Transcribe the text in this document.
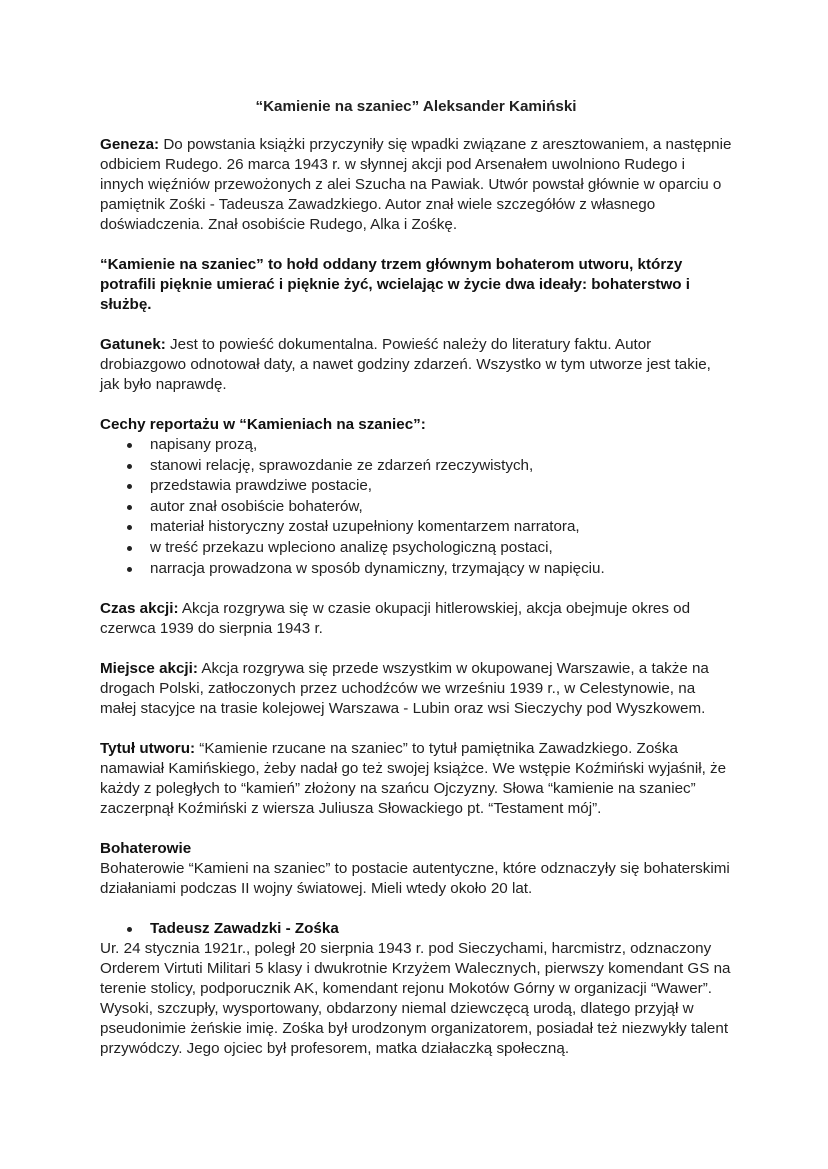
“Kamienie na szaniec” Aleksander Kamiński

Geneza: Do powstania książki przyczyniły się wpadki związane z aresztowaniem, a następnie odbiciem Rudego. 26 marca 1943 r. w słynnej akcji pod Arsenałem uwolniono Rudego i innych więźniów przewożonych z alei Szucha na Pawiak. Utwór powstał głównie w oparciu o pamiętnik Zośki - Tadeusza Zawadzkiego. Autor znał wiele szczegółów z własnego doświadczenia. Znał osobiście Rudego, Alka i Zośkę.

“Kamienie na szaniec” to hołd oddany trzem głównym bohaterom utworu, którzy potrafili pięknie umierać i pięknie żyć, wcielając w życie dwa ideały: bohaterstwo i służbę.

Gatunek: Jest to powieść dokumentalna. Powieść należy do literatury faktu. Autor drobiazgowo odnotował daty, a nawet godziny zdarzeń. Wszystko w tym utworze jest takie, jak było naprawdę.

Cechy reportażu w “Kamieniach na szaniec”:

napisany prozą,
stanowi relację, sprawozdanie ze zdarzeń rzeczywistych,
przedstawia prawdziwe postacie,
autor znał osobiście bohaterów,
materiał historyczny został uzupełniony komentarzem narratora,
w treść przekazu wpleciono analizę psychologiczną postaci,
narracja prowadzona w sposób dynamiczny, trzymający w napięciu.

Czas akcji: Akcja rozgrywa się w czasie okupacji hitlerowskiej, akcja obejmuje okres od czerwca 1939 do sierpnia 1943 r.

Miejsce akcji: Akcja rozgrywa się przede wszystkim w okupowanej Warszawie, a także na drogach Polski, zatłoczonych przez uchodźców we wrześniu 1939 r., w Celestynowie, na małej stacyjce na trasie kolejowej Warszawa - Lubin oraz wsi Sieczychy pod Wyszkowem.

Tytuł utworu: “Kamienie rzucane na szaniec” to tytuł pamiętnika Zawadzkiego. Zośka namawiał Kamińskiego, żeby nadał go też swojej książce. We wstępie Koźmiński wyjaśnił, że każdy z poległych to “kamień” złożony na szańcu Ojczyzny. Słowa “kamienie na szaniec” zaczerpnął Koźmiński z wiersza Juliusza Słowackiego pt. “Testament mój”.

Bohaterowie

Bohaterowie “Kamieni na szaniec” to postacie autentyczne, które odznaczyły się bohaterskimi działaniami podczas II wojny światowej. Mieli wtedy około 20 lat.

Tadeusz Zawadzki - Zośka

Ur. 24 stycznia 1921r., poległ 20 sierpnia 1943 r. pod Sieczychami, harcmistrz, odznaczony Orderem Virtuti Militari 5 klasy i dwukrotnie Krzyżem Walecznych, pierwszy komendant GS na terenie stolicy, podporucznik AK, komendant rejonu Mokotów Górny w organizacji “Wawer”. Wysoki, szczupły, wysportowany, obdarzony niemal dziewczęcą urodą, dlatego przyjął w pseudonimie żeńskie imię. Zośka był urodzonym organizatorem, posiadał też niezwykły talent przywódczy. Jego ojciec był profesorem, matka działaczką społeczną.
